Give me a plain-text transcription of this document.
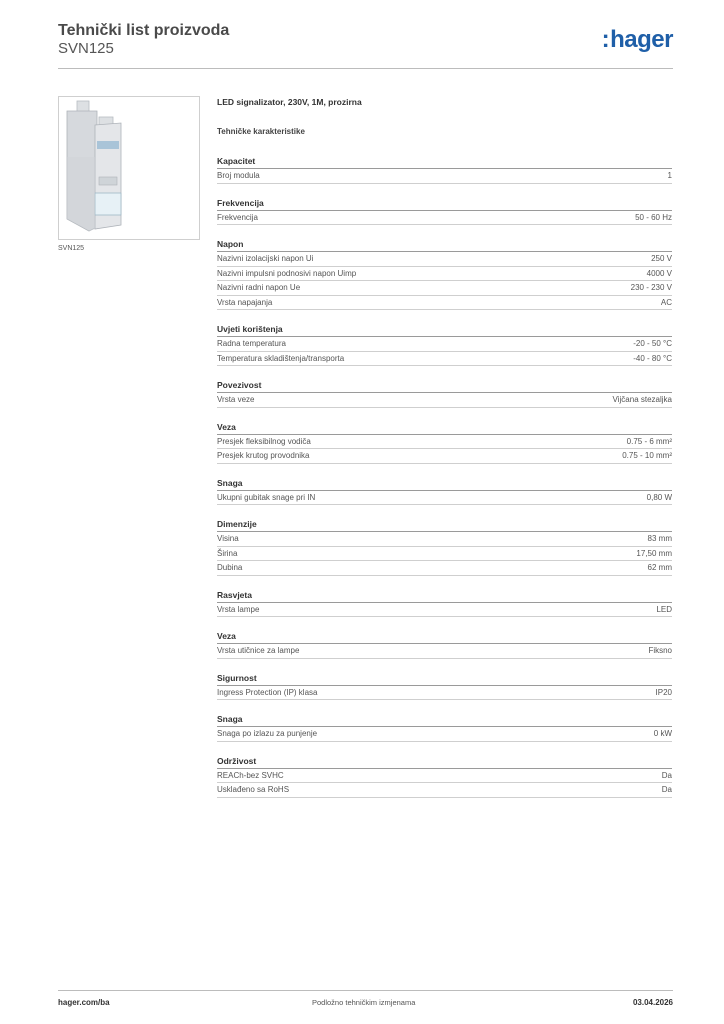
Tehnički list proizvoda
SVN125	:hager
SVN125
LED signalizator, 230V, 1M, prozirna
Tehničke karakteristike
Kapacitet
Broj modula	1
Frekvencija
Frekvencija	50 - 60 Hz
Napon
Nazivni izolacijski napon Ui	250 V
Nazivni impulsni podnosivi napon Uimp	4000 V
Nazivni radni napon Ue	230 - 230 V
Vrsta napajanja	AC
Uvjeti korištenja
Radna temperatura	-20 - 50 °C
Temperatura skladištenja/transporta	-40 - 80 °C
Povezivost
Vrsta veze	Vijčana stezaljka
Veza
Presjek fleksibilnog vodiča	0.75 - 6 mm²
Presjek krutog provodnika	0.75 - 10 mm²
Snaga
Ukupni gubitak snage pri IN	0,80 W
Dimenzije
Visina	83 mm
Širina	17,50 mm
Dubina	62 mm
Rasvjeta
Vrsta lampe	LED
Veza
Vrsta utičnice za lampe	Fiksno
Sigurnost
Ingress Protection (IP) klasa	IP20
Snaga
Snaga po izlazu za punjenje	0 kW
Održivost
REACh-bez SVHC	Da
Usklađeno sa RoHS	Da
hager.com/ba	Podložno tehničkim izmjenama	03.04.2026
